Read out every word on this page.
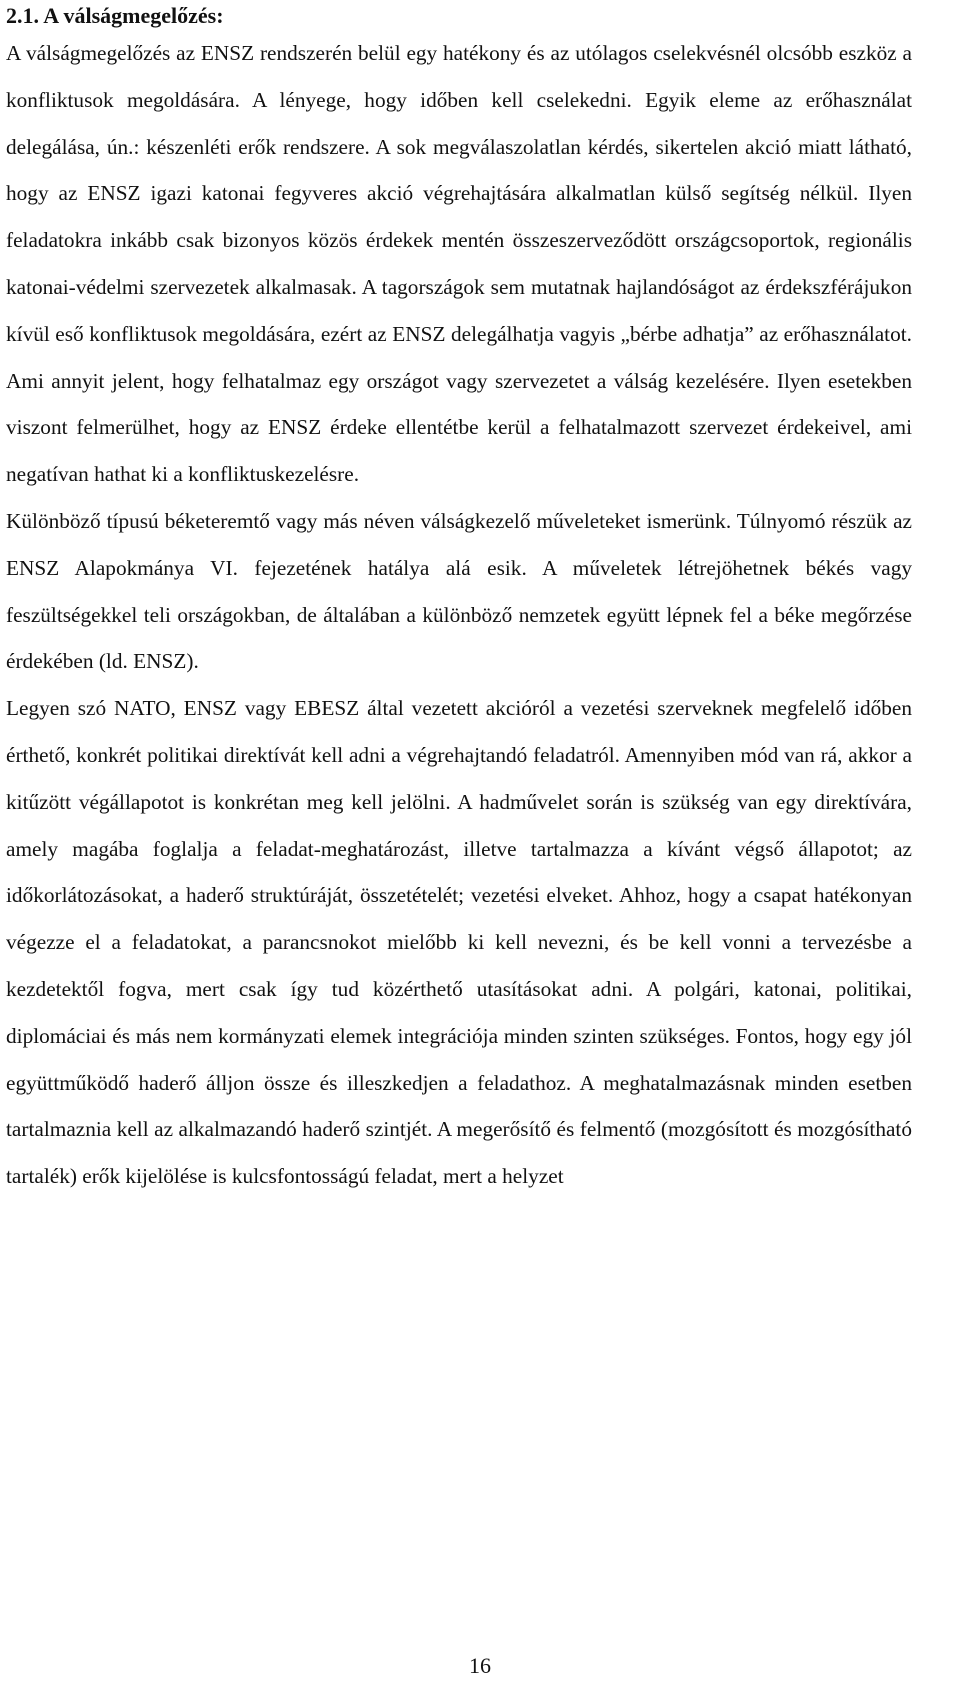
2.1. A válságmegelőzés:

A válságmegelőzés az ENSZ rendszerén belül egy hatékony és az utólagos cselekvésnél olcsóbb eszköz a konfliktusok megoldására. A lényege, hogy időben kell cselekedni. Egyik eleme az erőhasználat delegálása, ún.: készenléti erők rendszere. A sok megválaszolatlan kérdés, sikertelen akció miatt látható, hogy az ENSZ igazi katonai fegyveres akció végrehajtására alkalmatlan külső segítség nélkül. Ilyen feladatokra inkább csak bizonyos közös érdekek mentén összeszerveződött országcsoportok, regionális katonai-védelmi szervezetek alkalmasak. A tagországok sem mutatnak hajlandóságot az érdekszférájukon kívül eső konfliktusok megoldására, ezért az ENSZ delegálhatja vagyis „bérbe adhatja” az erőhasználatot. Ami annyit jelent, hogy felhatalmaz egy országot vagy szervezetet a válság kezelésére. Ilyen esetekben viszont felmerülhet, hogy az ENSZ érdeke ellentétbe kerül a felhatalmazott szervezet érdekeivel, ami negatívan hathat ki a konfliktuskezelésre.

Különböző típusú béketeremtő vagy más néven válságkezelő műveleteket ismerünk. Túlnyomó részük az ENSZ Alapokmánya VI. fejezetének hatálya alá esik. A műveletek létrejöhetnek békés vagy feszültségekkel teli országokban, de általában a különböző nemzetek együtt lépnek fel a béke megőrzése érdekében (ld. ENSZ).

Legyen szó NATO, ENSZ vagy EBESZ által vezetett akcióról a vezetési szerveknek megfelelő időben érthető, konkrét politikai direktívát kell adni a végrehajtandó feladatról. Amennyiben mód van rá, akkor a kitűzött végállapotot is konkrétan meg kell jelölni. A hadművelet során is szükség van egy direktívára, amely magába foglalja a feladat-meghatározást, illetve tartalmazza a kívánt végső állapotot; az időkorlátozásokat, a haderő struktúráját, összetételét; vezetési elveket. Ahhoz, hogy a csapat hatékonyan végezze el a feladatokat, a parancsnokot mielőbb ki kell nevezni, és be kell vonni a tervezésbe a kezdetektől fogva, mert csak így tud közérthető utasításokat adni. A polgári, katonai, politikai, diplomáciai és más nem kormányzati elemek integrációja minden szinten szükséges. Fontos, hogy egy jól együttműködő haderő álljon össze és illeszkedjen a feladathoz. A meghatalmazásnak minden esetben tartalmaznia kell az alkalmazandó haderő szintjét. A megerősítő és felmentő (mozgósított és mozgósítható tartalék) erők kijelölése is kulcsfontosságú feladat, mert a helyzet

16
